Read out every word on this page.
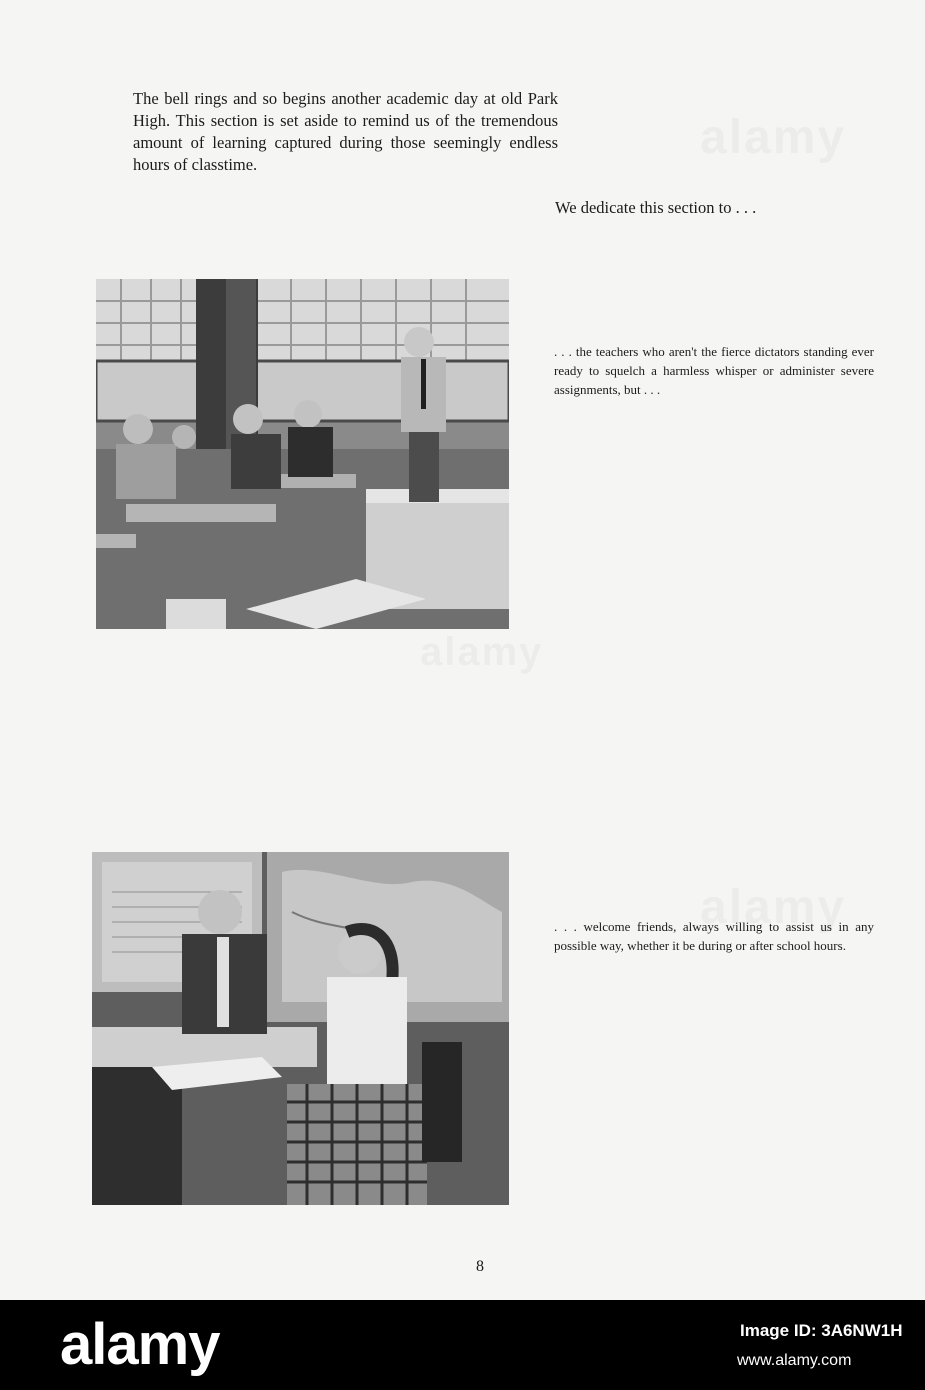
The bell rings and so begins another academic day at old Park High. This section is set aside to remind us of the tremendous amount of learning captured during those seemingly endless hours of classtime.

We dedicate this section to . . .

. . . the teachers who aren't the fierce dictators standing ever ready to squelch a harmless whisper or administer severe assignments, but . . .

. . . welcome friends, always willing to assist us in any possible way, whether it be during or after school hours.

8

alamy	Image ID: 3A6NW1H
www.alamy.com
